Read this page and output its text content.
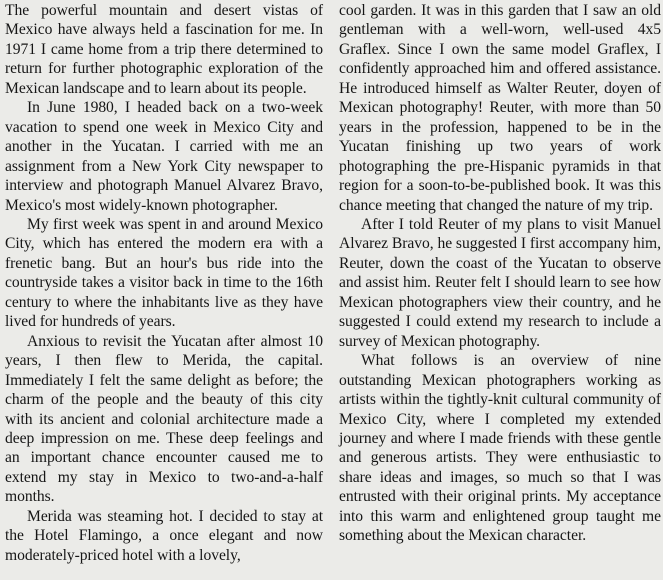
The powerful mountain and desert vistas of Mexico have always held a fascination for me. In 1971 I came home from a trip there determined to return for further photographic exploration of the Mexican landscape and to learn about its people.

In June 1980, I headed back on a two-week vacation to spend one week in Mexico City and another in the Yucatan. I carried with me an assignment from a New York City newspaper to interview and photograph Manuel Alvarez Bravo, Mexico's most widely-known photographer.

My first week was spent in and around Mexico City, which has entered the modern era with a frenetic bang. But an hour's bus ride into the countryside takes a visitor back in time to the 16th century to where the inhabitants live as they have lived for hundreds of years.

Anxious to revisit the Yucatan after almost 10 years, I then flew to Merida, the capital. Immediately I felt the same delight as before; the charm of the people and the beauty of this city with its ancient and colonial architecture made a deep impression on me. These deep feelings and an important chance encounter caused me to extend my stay in Mexico to two-and-a-half months.

Merida was steaming hot. I decided to stay at the Hotel Flamingo, a once elegant and now moderately-priced hotel with a lovely,

cool garden. It was in this garden that I saw an old gentleman with a well-worn, well-used 4x5 Graflex. Since I own the same model Graflex, I confidently approached him and offered assistance. He introduced himself as Walter Reuter, doyen of Mexican photography! Reuter, with more than 50 years in the profession, happened to be in the Yucatan finishing up two years of work photographing the pre-Hispanic pyramids in that region for a soon-to-be-published book. It was this chance meeting that changed the nature of my trip.

After I told Reuter of my plans to visit Manuel Alvarez Bravo, he suggested I first accompany him, Reuter, down the coast of the Yucatan to observe and assist him. Reuter felt I should learn to see how Mexican photographers view their country, and he suggested I could extend my research to include a survey of Mexican photography.

What follows is an overview of nine outstanding Mexican photographers working as artists within the tightly-knit cultural community of Mexico City, where I completed my extended journey and where I made friends with these gentle and generous artists. They were enthusiastic to share ideas and images, so much so that I was entrusted with their original prints. My acceptance into this warm and enlightened group taught me something about the Mexican character.
